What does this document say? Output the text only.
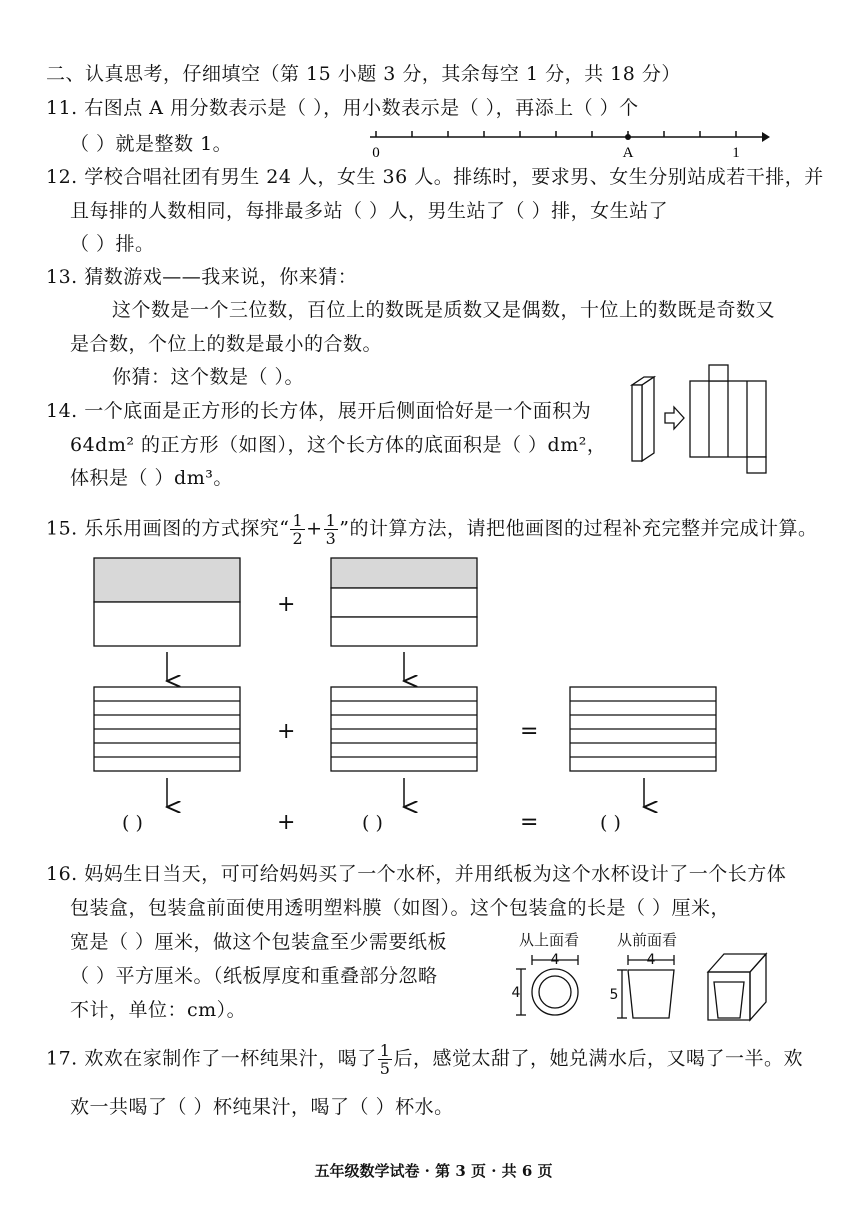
二、认真思考，仔细填空（第 15 小题 3 分，其余每空 1 分，共 18 分）
11. 右图点 A 用分数表示是（ ），用小数表示是（ ），再添上（ ）个
（ ）就是整数 1。	0	A	1
12. 学校合唱社团有男生 24 人，女生 36 人。排练时，要求男、女生分别站成若干排，并
且每排的人数相同，每排最多站（ ）人，男生站了（ ）排，女生站了
（ ）排。
13. 猜数游戏——我来说，你来猜：
这个数是一个三位数，百位上的数既是质数又是偶数，十位上的数既是奇数又
是合数，个位上的数是最小的合数。
你猜：这个数是（ ）。
14. 一个底面是正方形的长方体，展开后侧面恰好是一个面积为
64dm² 的正方形（如图），这个长方体的底面积是（ ）dm²，
体积是（ ）dm³。
15. 乐乐用画图的方式探究“ $\frac{1}{2} + \frac{1}{3}$ ”的计算方法，请把他画图的过程补充完整并完成计算。
+
+	=
( )	+	( )	=	( )
16. 妈妈生日当天，可可给妈妈买了一个水杯，并用纸板为这个水杯设计了一个长方体
包装盒，包装盒前面使用透明塑料膜（如图）。这个包装盒的长是（ ）厘米，
宽是（ ）厘米，做这个包装盒至少需要纸板
（ ）平方厘米。（纸板厚度和重叠部分忽略
不计，单位：cm）。
从上面看	从前面看
4
4
4
5
17. 欢欢在家制作了一杯纯果汁，喝了 $\frac{1}{5}$ 后，感觉太甜了，她兑满水后，又喝了一半。欢
欢一共喝了（ ）杯纯果汁，喝了（ ）杯水。
五年级数学试卷 · 第 3 页 · 共 6 页
